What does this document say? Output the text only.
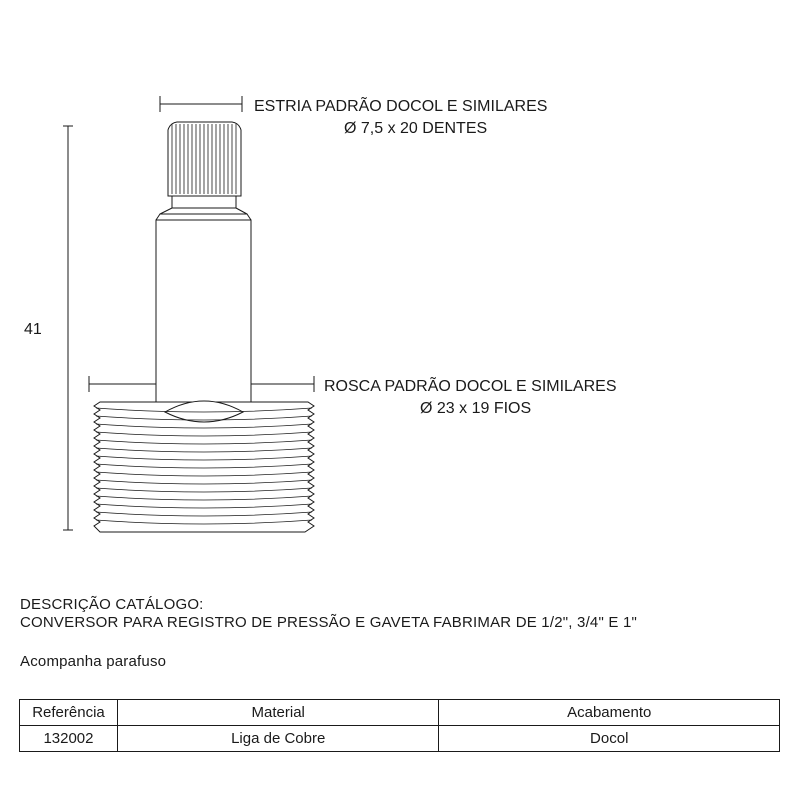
41
ESTRIA PADRÃO DOCOL E SIMILARES
Ø 7,5 x 20 DENTES
ROSCA PADRÃO DOCOL E SIMILARES
Ø 23 x 19 FIOS
DESCRIÇÃO CATÁLOGO:
CONVERSOR PARA REGISTRO DE PRESSÃO E GAVETA FABRIMAR DE 1/2", 3/4" E 1"
Acompanha parafuso
Referência	Material	Acabamento
132002	Liga de Cobre	Docol
